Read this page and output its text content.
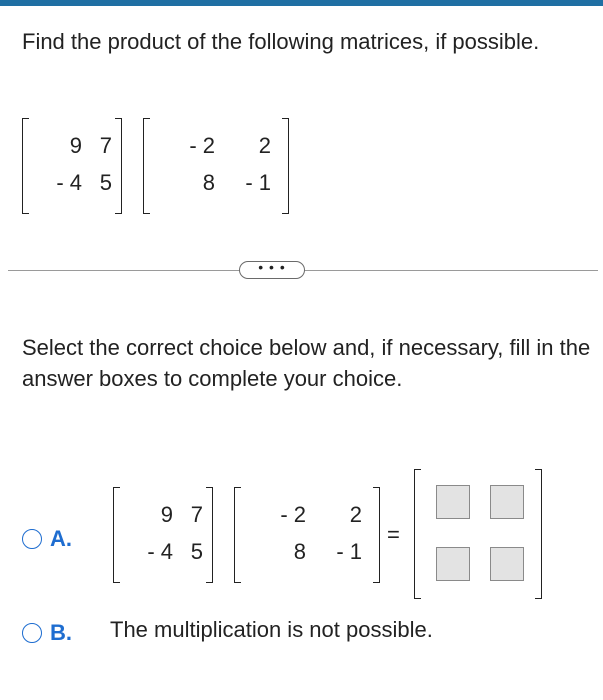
Find the product of the following matrices, if possible.
9 7
- 4 5
- 2	2
8	- 1
• • •
Select the correct choice below and, if necessary, fill in the answer boxes to complete your choice.
A.
9 7
- 4 5
- 2	2
8	- 1
=
B. The multiplication is not possible.
